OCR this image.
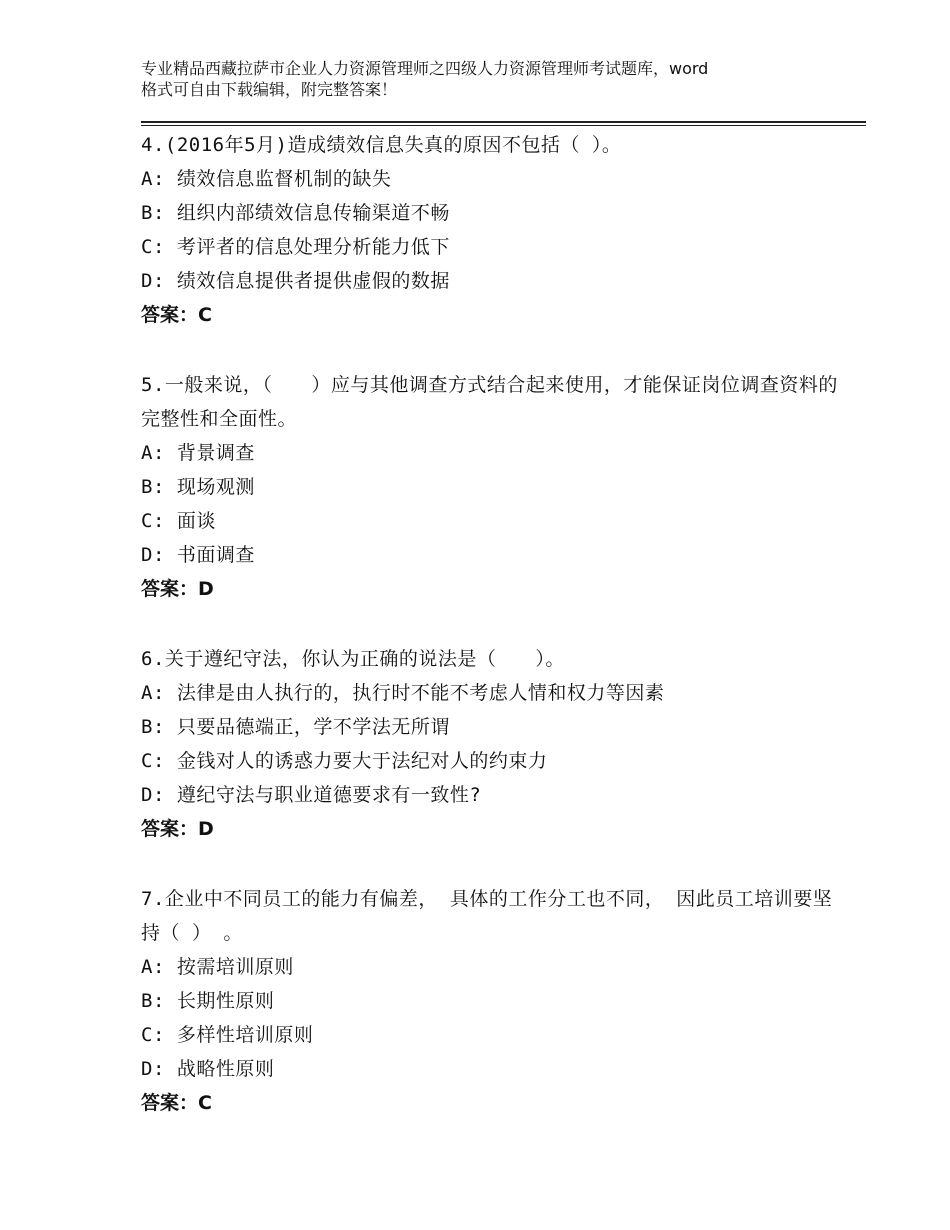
专业精品西藏拉萨市企业人力资源管理师之四级人力资源管理师考试题库，word
格式可自由下载编辑，附完整答案！

4.(2016年5月)造成绩效信息失真的原因不包括（ ）。

A: 绩效信息监督机制的缺失

B: 组织内部绩效信息传输渠道不畅

C: 考评者的信息处理分析能力低下

D: 绩效信息提供者提供虚假的数据

答案：C

5.一般来说，（　　）应与其他调查方式结合起来使用，才能保证岗位调查资料的完整性和全面性。

A: 背景调查

B: 现场观测

C: 面谈

D: 书面调查

答案：D

6.关于遵纪守法，你认为正确的说法是（　　）。

A: 法律是由人执行的，执行时不能不考虑人情和权力等因素

B: 只要品德端正，学不学法无所谓

C: 金钱对人的诱惑力要大于法纪对人的约束力

D: 遵纪守法与职业道德要求有一致性?

答案：D

7.企业中不同员工的能力有偏差， 具体的工作分工也不同， 因此员工培训要坚持（ ） 。

A: 按需培训原则

B: 长期性原则

C: 多样性培训原则

D: 战略性原则

答案：C
